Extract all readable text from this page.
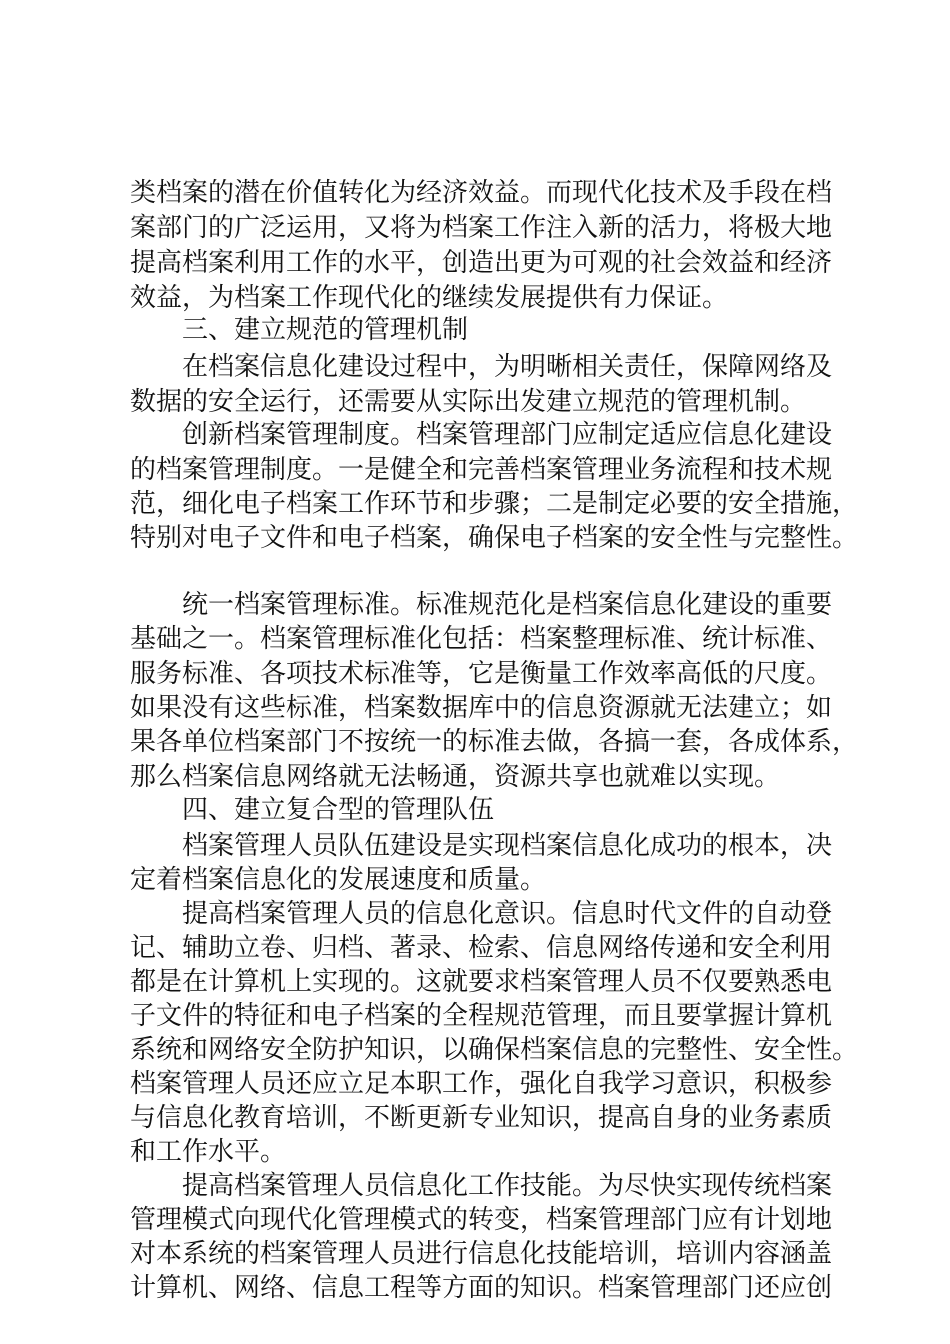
类档案的潜在价值转化为经济效益。而现代化技术及手段在档
案部门的广泛运用，又将为档案工作注入新的活力，将极大地
提高档案利用工作的水平，创造出更为可观的社会效益和经济
效益，为档案工作现代化的继续发展提供有力保证。
三、建立规范的管理机制
在档案信息化建设过程中，为明晰相关责任，保障网络及
数据的安全运行，还需要从实际出发建立规范的管理机制。
创新档案管理制度。档案管理部门应制定适应信息化建设
的档案管理制度。一是健全和完善档案管理业务流程和技术规
范，细化电子档案工作环节和步骤；二是制定必要的安全措施，
特别对电子文件和电子档案，确保电子档案的安全性与完整性。
统一档案管理标准。标准规范化是档案信息化建设的重要
基础之一。档案管理标准化包括：档案整理标准、统计标准、
服务标准、各项技术标准等，它是衡量工作效率高低的尺度。
如果没有这些标准，档案数据库中的信息资源就无法建立；如
果各单位档案部门不按统一的标准去做，各搞一套，各成体系，
那么档案信息网络就无法畅通，资源共享也就难以实现。
四、建立复合型的管理队伍
档案管理人员队伍建设是实现档案信息化成功的根本，决
定着档案信息化的发展速度和质量。
提高档案管理人员的信息化意识。信息时代文件的自动登
记、辅助立卷、归档、著录、检索、信息网络传递和安全利用
都是在计算机上实现的。这就要求档案管理人员不仅要熟悉电
子文件的特征和电子档案的全程规范管理，而且要掌握计算机
系统和网络安全防护知识，以确保档案信息的完整性、安全性。
档案管理人员还应立足本职工作，强化自我学习意识，积极参
与信息化教育培训，不断更新专业知识，提高自身的业务素质
和工作水平。
提高档案管理人员信息化工作技能。为尽快实现传统档案
管理模式向现代化管理模式的转变，档案管理部门应有计划地
对本系统的档案管理人员进行信息化技能培训，培训内容涵盖
计算机、网络、信息工程等方面的知识。档案管理部门还应创
